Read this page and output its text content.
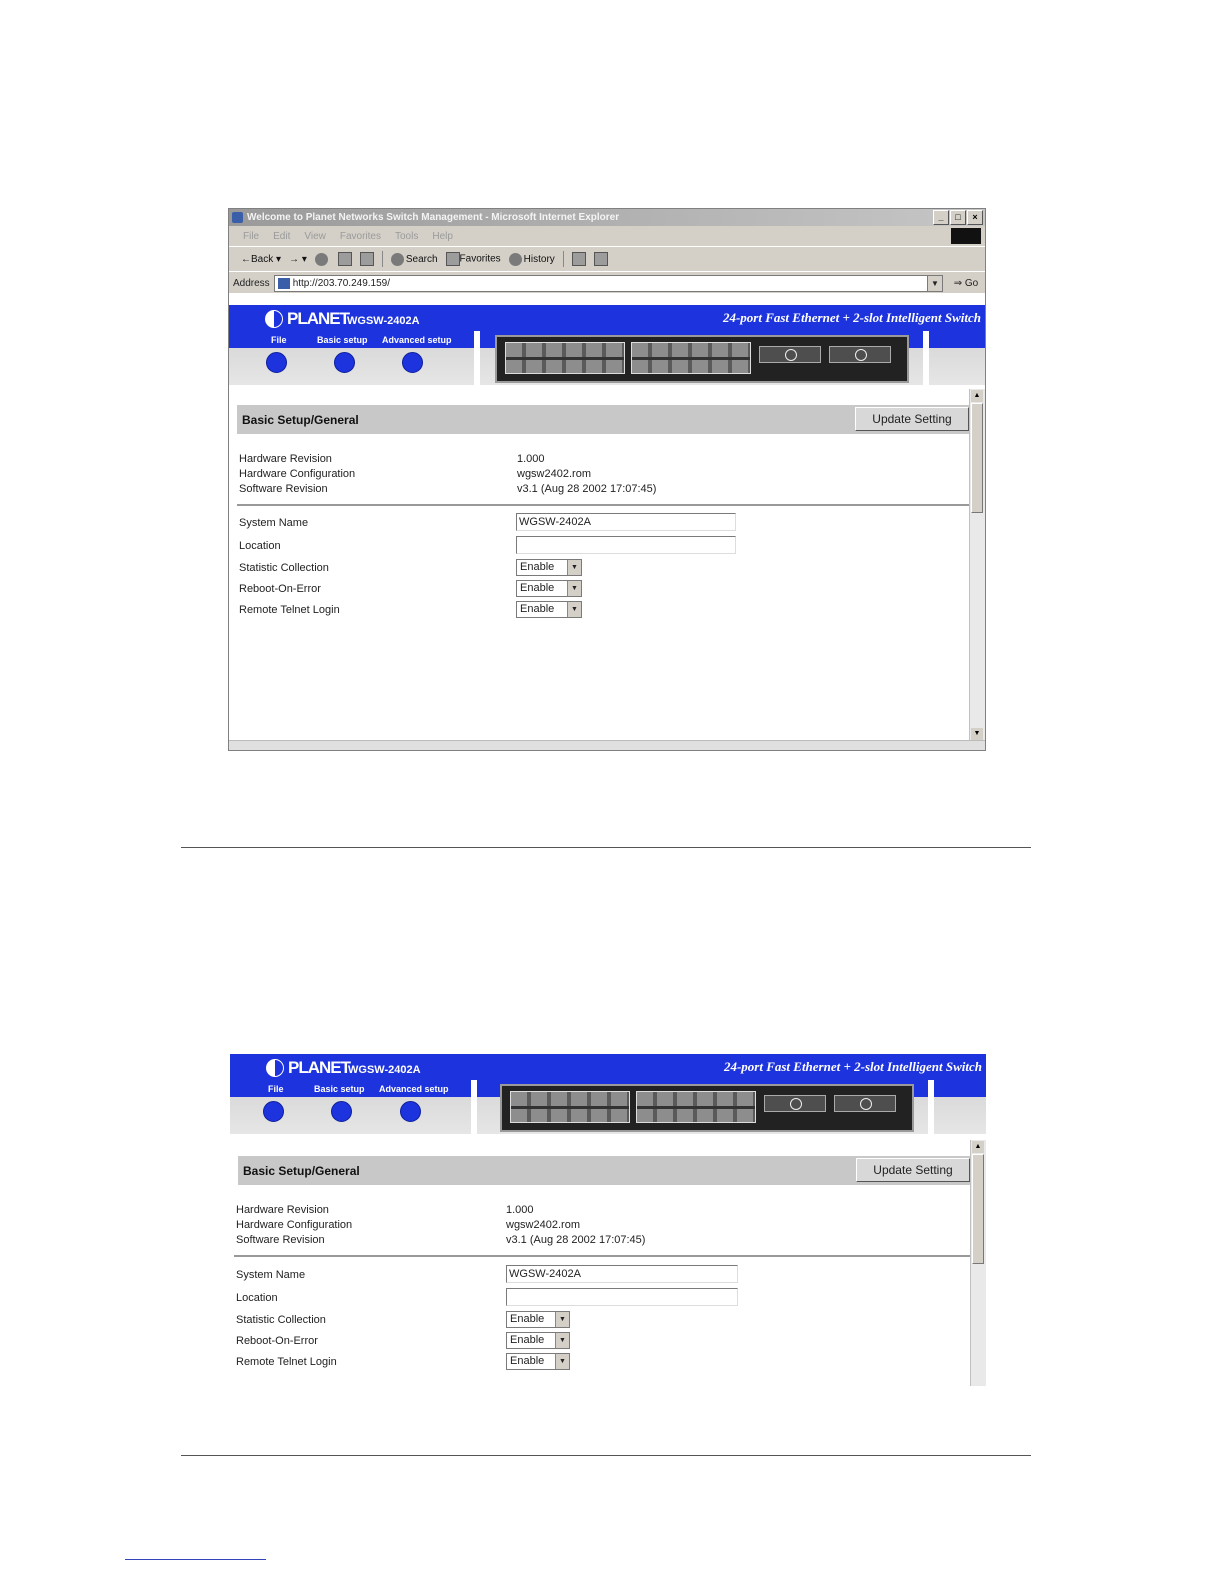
Welcome to Planet Networks Switch Management - Microsoft Internet Explorer	_	□	×
File Edit View Favorites Tools Help
←Back ▾ → ▾	Search	Favorites	History
Address http://203.70.249.159/	▼	⇒ Go
PLANET
WGSW-2402A	24-port Fast Ethernet + 2-slot Intelligent Switch
File	Basic setup Advanced setup
Basic Setup/General	Update Setting
Hardware Revision	1.000
Hardware Configuration	wgsw2402.rom
Software Revision	v3.1 (Aug 28 2002 17:07:45)
System Name	WGSW-2402A
Location
Statistic Collection	Enable	▼
Reboot-On-Error	Enable	▼
Remote Telnet Login	Enable	▼
▲
▼
PLANET
WGSW-2402A	24-port Fast Ethernet + 2-slot Intelligent Switch
File	Basic setup Advanced setup
Basic Setup/General	Update Setting
Hardware Revision	1.000
Hardware Configuration	wgsw2402.rom
Software Revision	v3.1 (Aug 28 2002 17:07:45)
System Name	WGSW-2402A
Location
Statistic Collection	Enable	▼
Reboot-On-Error	Enable	▼
Remote Telnet Login	Enable	▼
▲
